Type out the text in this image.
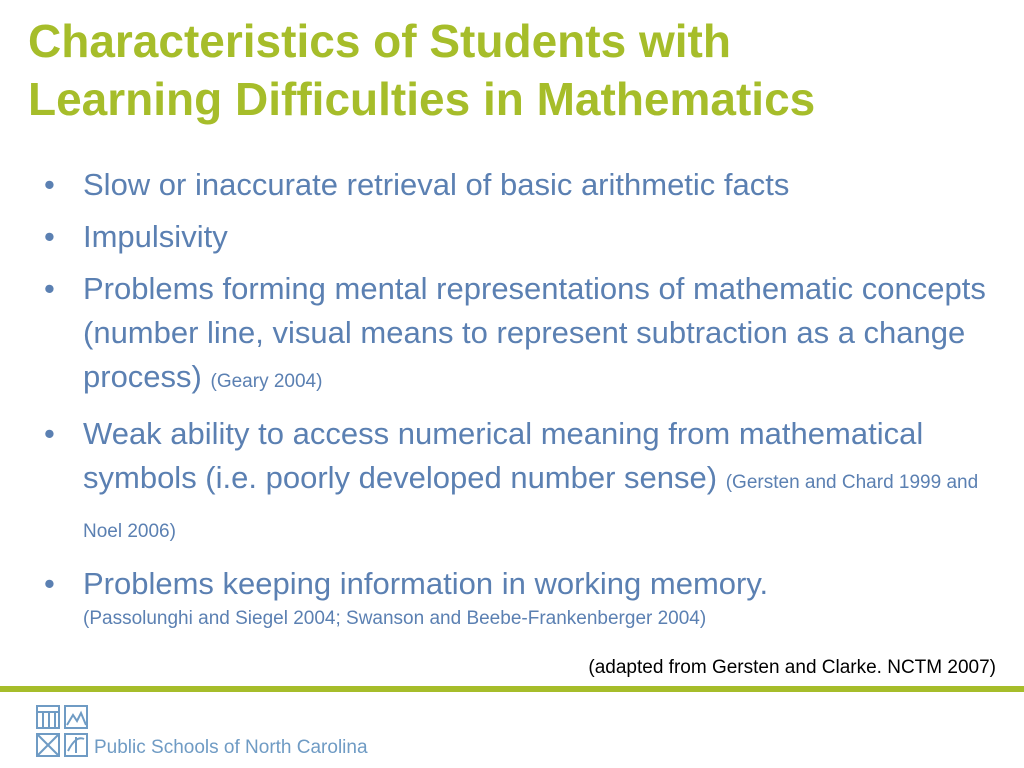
Characteristics of Students with
Learning Difficulties in Mathematics
• Slow or inaccurate retrieval of basic arithmetic facts
• Impulsivity
• Problems forming mental representations of mathematic concepts (number line, visual means to represent subtraction as a change process) (Geary 2004)
• Weak ability to access numerical meaning from mathematical symbols (i.e. poorly developed number sense) (Gersten and Chard 1999 and Noel 2006)
• Problems keeping information in working memory.
(Passolunghi and Siegel 2004; Swanson and Beebe-Frankenberger 2004)
(adapted from Gersten and Clarke. NCTM 2007)
Public Schools of North Carolina
